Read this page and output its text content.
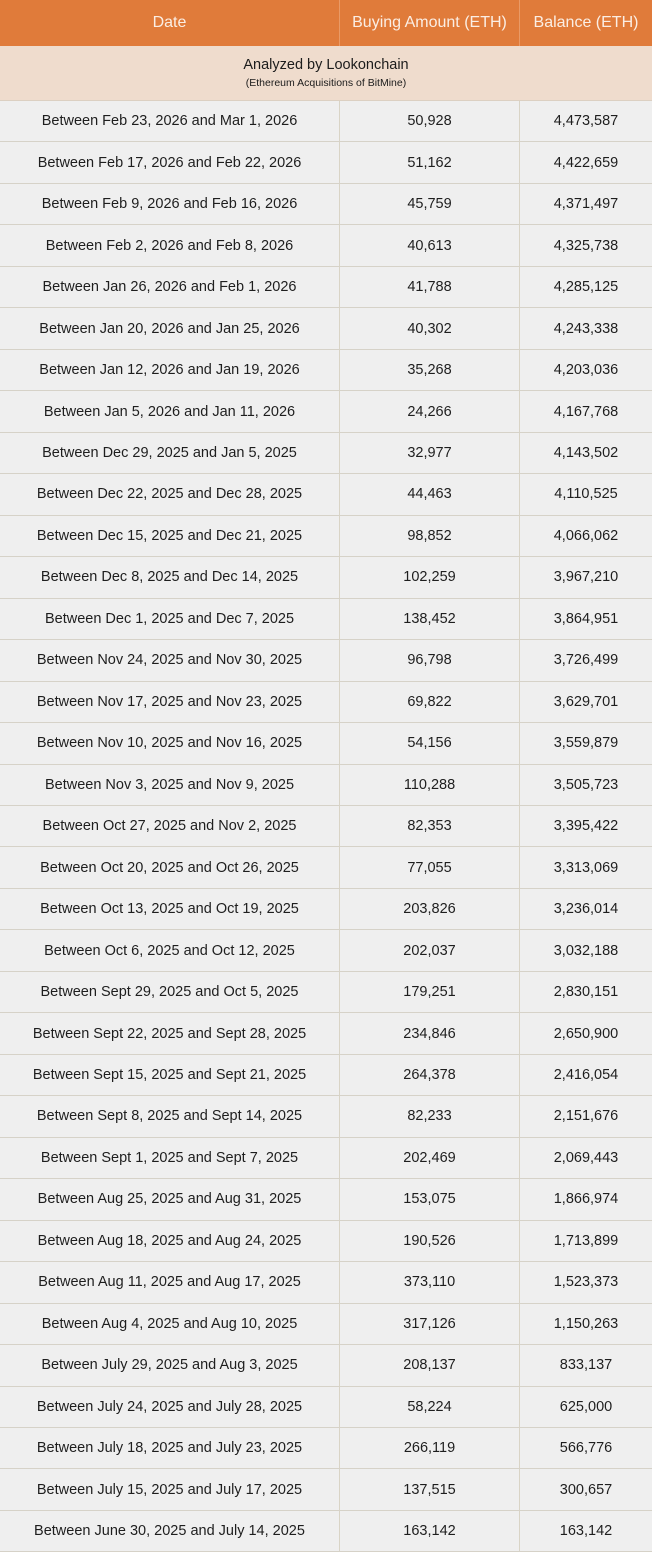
Date	Buying Amount (ETH)	Balance (ETH)
Analyzed by Lookonchain
(Ethereum Acquisitions of BitMine)
Between Feb 23, 2026 and Mar 1, 2026	50,928	4,473,587
Between Feb 17, 2026 and Feb 22, 2026	51,162	4,422,659
Between Feb 9, 2026 and Feb 16, 2026	45,759	4,371,497
Between Feb 2, 2026 and Feb 8, 2026	40,613	4,325,738
Between Jan 26, 2026 and Feb 1, 2026	41,788	4,285,125
Between Jan 20, 2026 and Jan 25, 2026	40,302	4,243,338
Between Jan 12, 2026 and Jan 19, 2026	35,268	4,203,036
Between Jan 5, 2026 and Jan 11, 2026	24,266	4,167,768
Between Dec 29, 2025 and Jan 5, 2025	32,977	4,143,502
Between Dec 22, 2025 and Dec 28, 2025	44,463	4,110,525
Between Dec 15, 2025 and Dec 21, 2025	98,852	4,066,062
Between Dec 8, 2025 and Dec 14, 2025	102,259	3,967,210
Between Dec 1, 2025 and Dec 7, 2025	138,452	3,864,951
Between Nov 24, 2025 and Nov 30, 2025	96,798	3,726,499
Between Nov 17, 2025 and Nov 23, 2025	69,822	3,629,701
Between Nov 10, 2025 and Nov 16, 2025	54,156	3,559,879
Between Nov 3, 2025 and Nov 9, 2025	110,288	3,505,723
Between Oct 27, 2025 and Nov 2, 2025	82,353	3,395,422
Between Oct 20, 2025 and Oct 26, 2025	77,055	3,313,069
Between Oct 13, 2025 and Oct 19, 2025	203,826	3,236,014
Between Oct 6, 2025 and Oct 12, 2025	202,037	3,032,188
Between Sept 29, 2025 and Oct 5, 2025	179,251	2,830,151
Between Sept 22, 2025 and Sept 28, 2025	234,846	2,650,900
Between Sept 15, 2025 and Sept 21, 2025	264,378	2,416,054
Between Sept 8, 2025 and Sept 14, 2025	82,233	2,151,676
Between Sept 1, 2025 and Sept 7, 2025	202,469	2,069,443
Between Aug 25, 2025 and Aug 31, 2025	153,075	1,866,974
Between Aug 18, 2025 and Aug 24, 2025	190,526	1,713,899
Between Aug 11, 2025 and Aug 17, 2025	373,110	1,523,373
Between Aug 4, 2025 and Aug 10, 2025	317,126	1,150,263
Between July 29, 2025 and Aug 3, 2025	208,137	833,137
Between July 24, 2025 and July 28, 2025	58,224	625,000
Between July 18, 2025 and July 23, 2025	266,119	566,776
Between July 15, 2025 and July 17, 2025	137,515	300,657
Between June 30, 2025 and July 14, 2025	163,142	163,142
